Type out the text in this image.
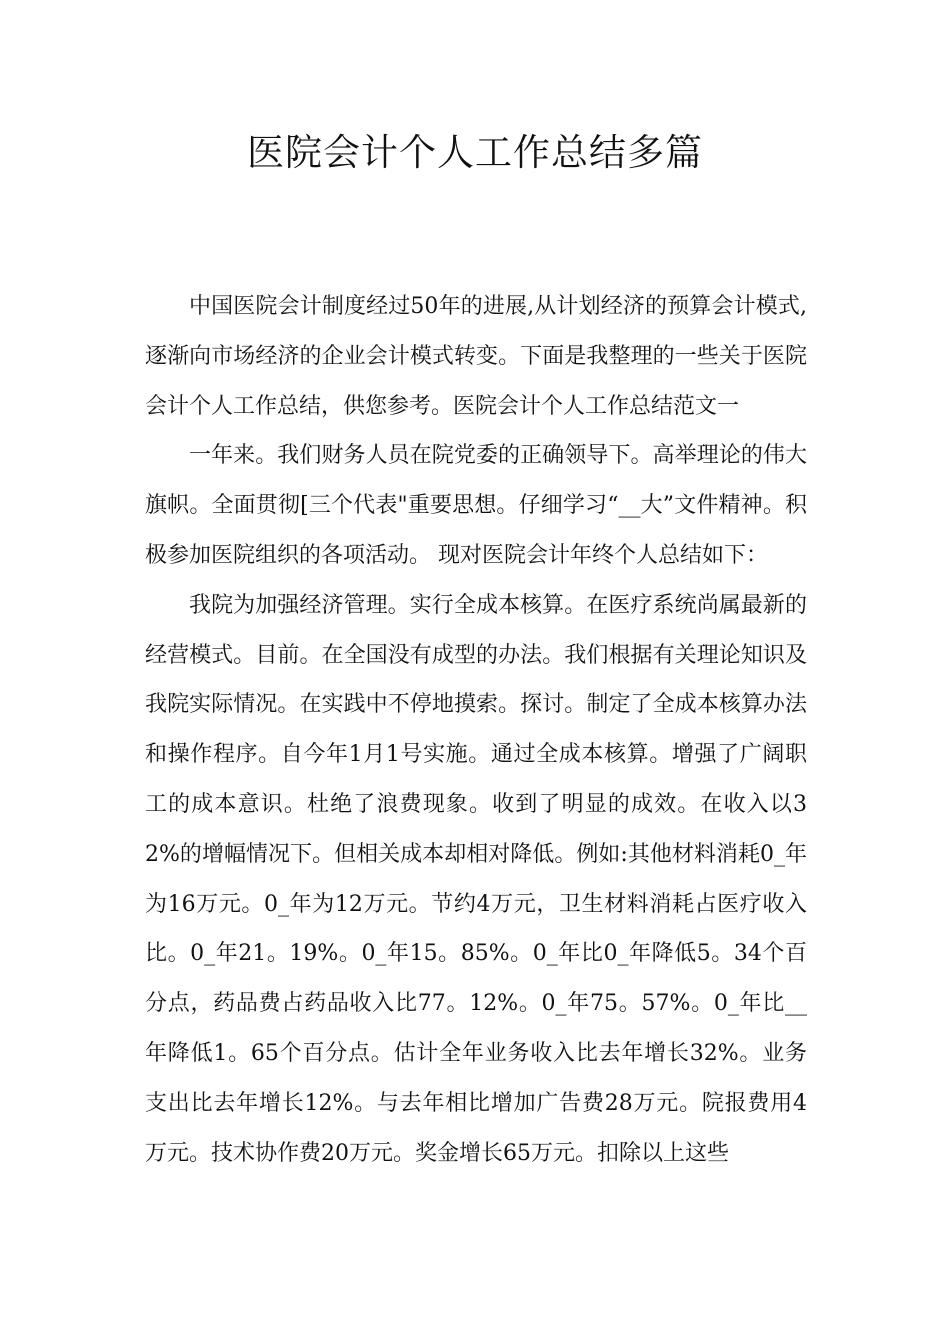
医院会计个人工作总结多篇

中国医院会计制度经过50年的进展,从计划经济的预算会计模式,逐渐向市场经济的企业会计模式转变。下面是我整理的一些关于医院会计个人工作总结，供您参考。医院会计个人工作总结范文一

一年来。我们财务人员在院党委的正确领导下。高举理论的伟大旗帜。全面贯彻[三个代表"重要思想。仔细学习“__大”文件精神。积极参加医院组织的各项活动。 现对医院会计年终个人总结如下：

我院为加强经济管理。实行全成本核算。在医疗系统尚属最新的经营模式。目前。在全国没有成型的办法。我们根据有关理论知识及我院实际情况。在实践中不停地摸索。探讨。制定了全成本核算办法和操作程序。自今年1月1号实施。通过全成本核算。增强了广阔职工的成本意识。杜绝了浪费现象。收到了明显的成效。在收入以32%的增幅情况下。但相关成本却相对降低。例如:其他材料消耗0_年为16万元。0_年为12万元。节约4万元，卫生材料消耗占医疗收入比。0_年21。19%。0_年15。85%。0_年比0_年降低5。34个百分点，药品费占药品收入比77。12%。0_年75。57%。0_年比__年降低1。65个百分点。估计全年业务收入比去年增长32%。业务支出比去年增长12%。与去年相比增加广告费28万元。院报费用4万元。技术协作费20万元。奖金增长65万元。扣除以上这些
